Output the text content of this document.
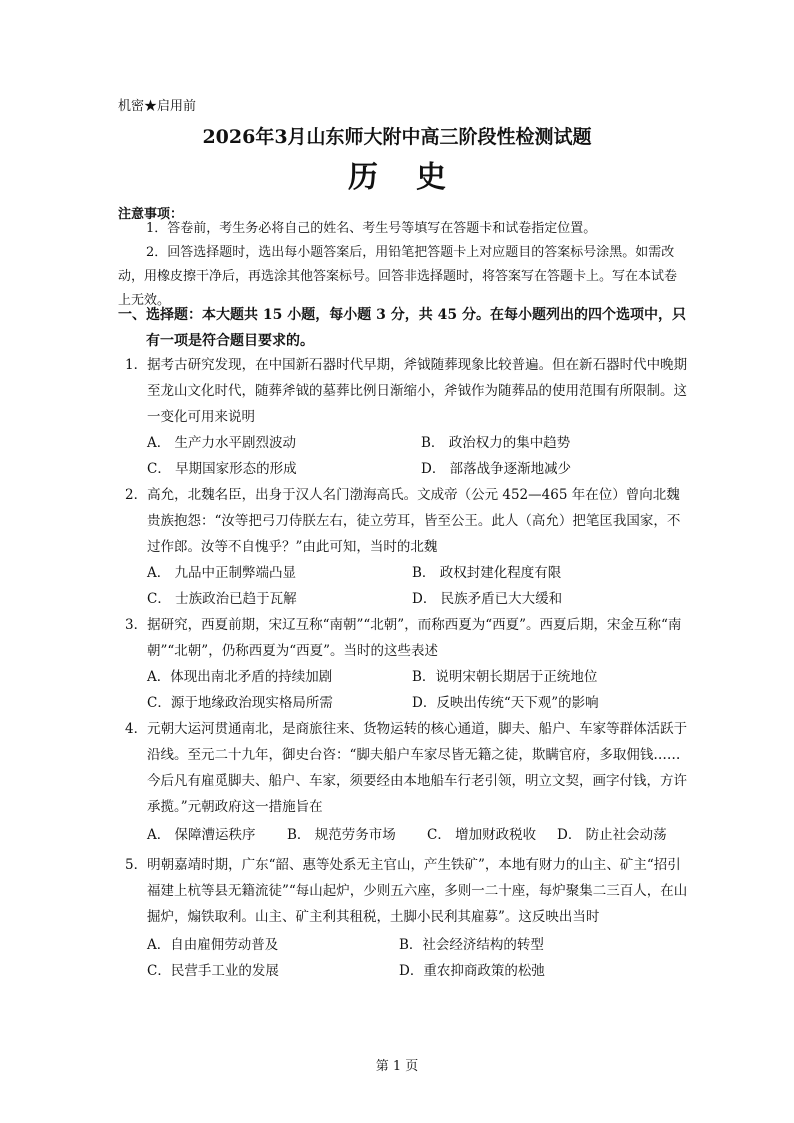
机密★启用前
2026年3月山东师大附中高三阶段性检测试题
历史
注意事项：
1．答卷前，考生务必将自己的姓名、考生号等填写在答题卡和试卷指定位置。
2．回答选择题时，选出每小题答案后，用铅笔把答题卡上对应题目的答案标号涂黑。如需改动，用橡皮擦干净后，再选涂其他答案标号。回答非选择题时，将答案写在答题卡上。写在本试卷上无效。
一、选择题：本大题共 15 小题，每小题 3 分，共 45 分。在每小题列出的四个选项中，只
有一项是符合题目要求的。
1．据考古研究发现，在中国新石器时代早期，斧钺随葬现象比较普遍。但在新石器时代中晚期至龙山文化时代，随葬斧钺的墓葬比例日渐缩小，斧钺作为随葬品的使用范围有所限制。这一变化可用来说明
A． 生产力水平剧烈波动	B． 政治权力的集中趋势
C． 早期国家形态的形成	D． 部落战争逐渐地减少
2．高允，北魏名臣，出身于汉人名门渤海高氏。文成帝（公元 452—465 年在位）曾向北魏贵族抱怨：“汝等把弓刀侍朕左右，徒立劳耳，皆至公王。此人（高允）把笔匡我国家，不过作郎。汝等不自愧乎？”由此可知，当时的北魏
A． 九品中正制弊端凸显	B． 政权封建化程度有限
C． 士族政治已趋于瓦解	D． 民族矛盾已大大缓和
3．据研究，西夏前期，宋辽互称“南朝”“北朝”，而称西夏为“西夏”。西夏后期，宋金互称“南朝”“北朝”，仍称西夏为“西夏”。当时的这些表述
A．体现出南北矛盾的持续加剧	B．说明宋朝长期居于正统地位
C．源于地缘政治现实格局所需	D．反映出传统“天下观”的影响
4．元朝大运河贯通南北，是商旅往来、货物运转的核心通道，脚夫、船户、车家等群体活跃于沿线。至元二十九年，御史台咨：“脚夫船户车家尽皆无籍之徒，欺瞒官府，多取佣钱……今后凡有雇觅脚夫、船户、车家，须要经由本地船车行老引领，明立文契，画字付钱，方许承揽。”元朝政府这一措施旨在
A． 保障漕运秩序 B． 规范劳务市场 C． 增加财政税收 D． 防止社会动荡
5．明朝嘉靖时期，广东“韶、惠等处系无主官山，产生铁矿”，本地有财力的山主、矿主“招引福建上杭等县无籍流徒”“每山起炉，少则五六座，多则一二十座，每炉聚集二三百人，在山掘炉，煽铁取利。山主、矿主利其租税，土脚小民利其雇募”。这反映出当时
A．自由雇佣劳动普及	B．社会经济结构的转型
C．民营手工业的发展	D．重农抑商政策的松弛
第 1 页
